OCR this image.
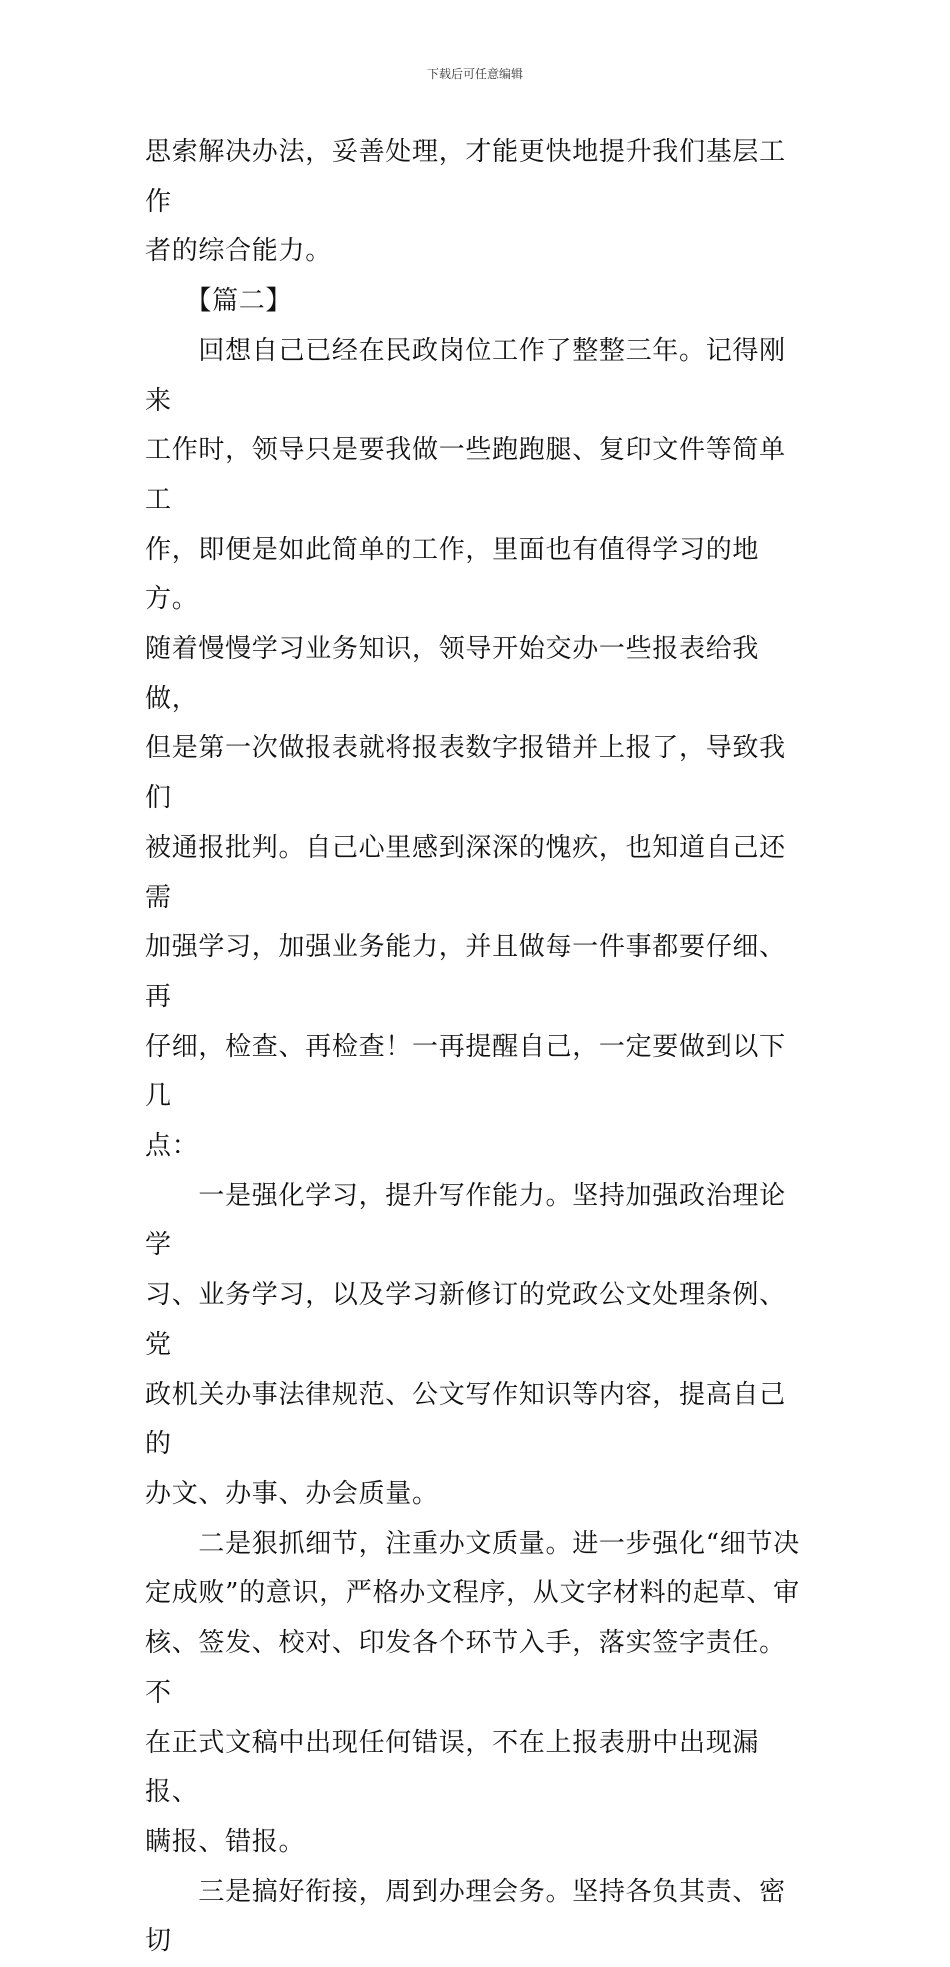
下载后可任意编辑

思索解决办法，妥善处理，才能更快地提升我们基层工作
者的综合能力。

　　【篇二】

　　回想自己已经在民政岗位工作了整整三年。记得刚来
工作时，领导只是要我做一些跑跑腿、复印文件等简单工
作，即便是如此简单的工作，里面也有值得学习的地方。
随着慢慢学习业务知识，领导开始交办一些报表给我做，
但是第一次做报表就将报表数字报错并上报了，导致我们
被通报批判。自己心里感到深深的愧疚，也知道自己还需
加强学习，加强业务能力，并且做每一件事都要仔细、再
仔细，检查、再检查！一再提醒自己，一定要做到以下几
点：

　　一是强化学习，提升写作能力。坚持加强政治理论学
习、业务学习，以及学习新修订的党政公文处理条例、党
政机关办事法律规范、公文写作知识等内容，提高自己的
办文、办事、办会质量。

　　二是狠抓细节，注重办文质量。进一步强化“细节决
定成败”的意识，严格办文程序，从文字材料的起草、审
核、签发、校对、印发各个环节入手，落实签字责任。不
在正式文稿中出现任何错误，不在上报表册中出现漏报、
瞒报、错报。

　　三是搞好衔接，周到办理会务。坚持各负其责、密切
